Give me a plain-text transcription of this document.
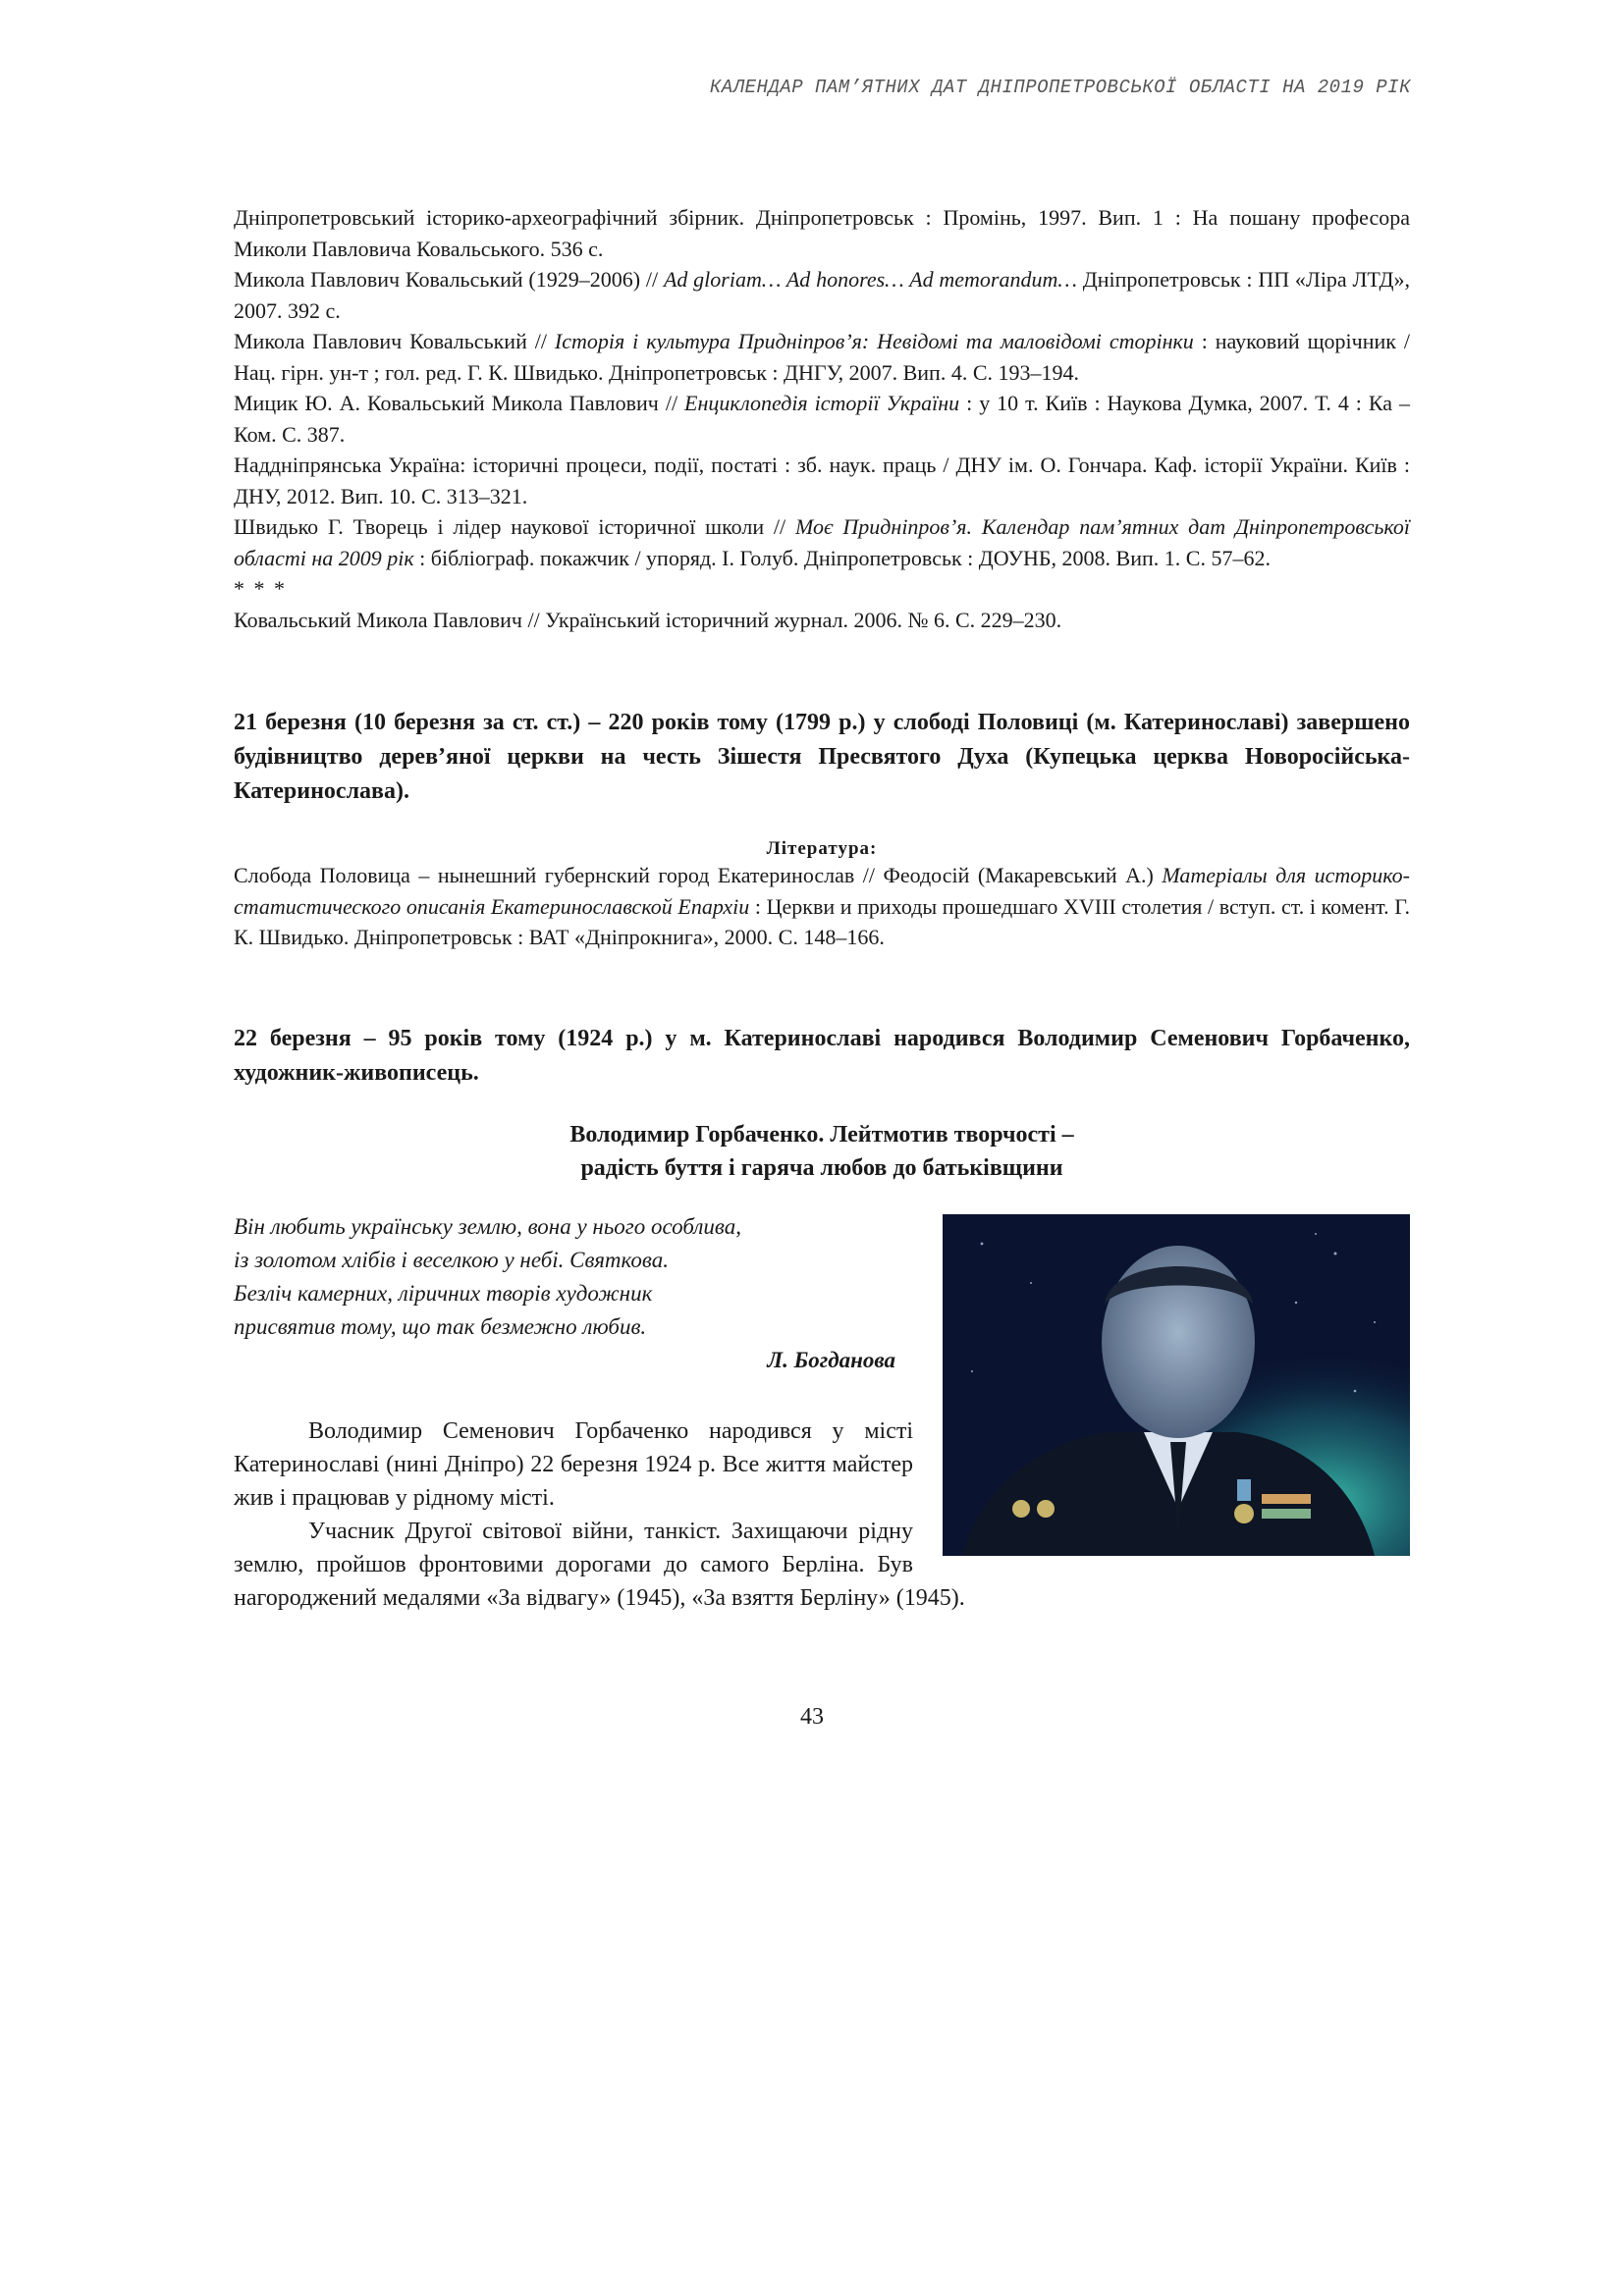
КАЛЕНДАР ПАМ’ЯТНИХ ДАТ ДНІПРОПЕТРОВСЬКОЇ ОБЛАСТІ НА 2019 РІК

Дніпропетровський історико-археографічний збірник. Дніпропетровськ : Промінь, 1997. Вип. 1 : На пошану професора Миколи Павловича Ковальського. 536 с.

Микола Павлович Ковальський (1929–2006) // Ad gloriam… Ad honores… Ad memorandum… Дніпропетровськ : ПП «Ліра ЛТД», 2007. 392 с.

Микола Павлович Ковальський // Історія і культура Придніпров’я: Невідомі та маловідомі сторінки : науковий щорічник / Нац. гірн. ун-т ; гол. ред. Г. К. Швидько. Дніпропетровськ : ДНГУ, 2007. Вип. 4. С. 193–194.

Мицик Ю. А. Ковальський Микола Павлович // Енциклопедія історії України : у 10 т. Київ : Наукова Думка, 2007. Т. 4 : Ка – Ком. С. 387.

Наддніпрянська Україна: історичні процеси, події, постаті : зб. наук. праць / ДНУ ім. О. Гончара. Каф. історії України. Київ : ДНУ, 2012. Вип. 10. С. 313–321.

Швидько Г. Творець і лідер наукової історичної школи // Моє Придніпров’я. Календар пам’ятних дат Дніпропетровської області на 2009 рік : бібліограф. покажчик / упоряд. І. Голуб. Дніпропетровськ : ДОУНБ, 2008. Вип. 1. С. 57–62.

* * *

Ковальський Микола Павлович // Український історичний журнал. 2006. № 6. С. 229–230.

21 березня (10 березня за ст. ст.) – 220 років тому (1799 р.) у слободі Половиці (м. Катеринославі) завершено будівництво дерев’яної церкви на честь Зішестя Пресвятого Духа (Купецька церква Новоросійська-Катеринослава).

Література:

Слобода Половица – нынешний губернский город Екатеринослав // Феодосій (Макаревський А.) Матеріалы для историко-статистического описанія Екатеринославской Епархіи : Церкви и приходы прошедшаго XVIII столетия / вступ. ст. і комент. Г. К. Швидько. Дніпропетровськ : ВАТ «Дніпрокнига», 2000. С. 148–166.

22 березня – 95 років тому (1924 р.) у м. Катеринославі народився Володимир Семенович Горбаченко, художник-живописець.

Володимир Горбаченко. Лейтмотив творчості –

радість буття і гаряча любов до батьківщини

Він любить українську землю, вона у нього особлива,

із золотом хлібів і веселкою у небі. Святкова.

Безліч камерних, ліричних творів художник

присвятив тому, що так безмежно любив.

Л. Богданова

Володимир Семенович Горбаченко народився у місті Катеринославі (нині Дніпро) 22 березня 1924 р. Все життя майстер жив і працював у рідному місті.

Учасник Другої світової війни, танкіст. Захищаючи рідну землю, пройшов фронтовими дорогами до самого Берліна. Був нагороджений медалями «За відвагу» (1945), «За взяття Берліну» (1945).

43
